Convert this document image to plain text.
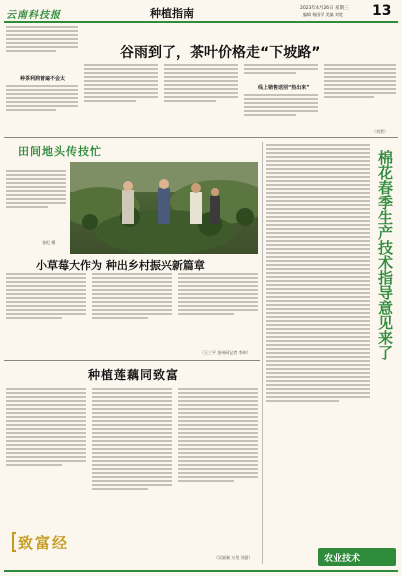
云南科技报	种植指南	2023年4月26日 星期三
编辑 杨国学 美编 刘宽 13
谷雨到了，茶叶价格走“下坡路”
种茶利润普遍不会太
线上销售送别“热出来”
（刘哲）
田间地头传技忙
张纪 摄	棉花春季生产技术指导意见来了
小草莓大作为 种出乡村振兴新篇章
（王三平 金州网记者 李伟）
种植莲藕同致富
（吴丽秦 万昊 刘嘉）
致富经
农业技术
